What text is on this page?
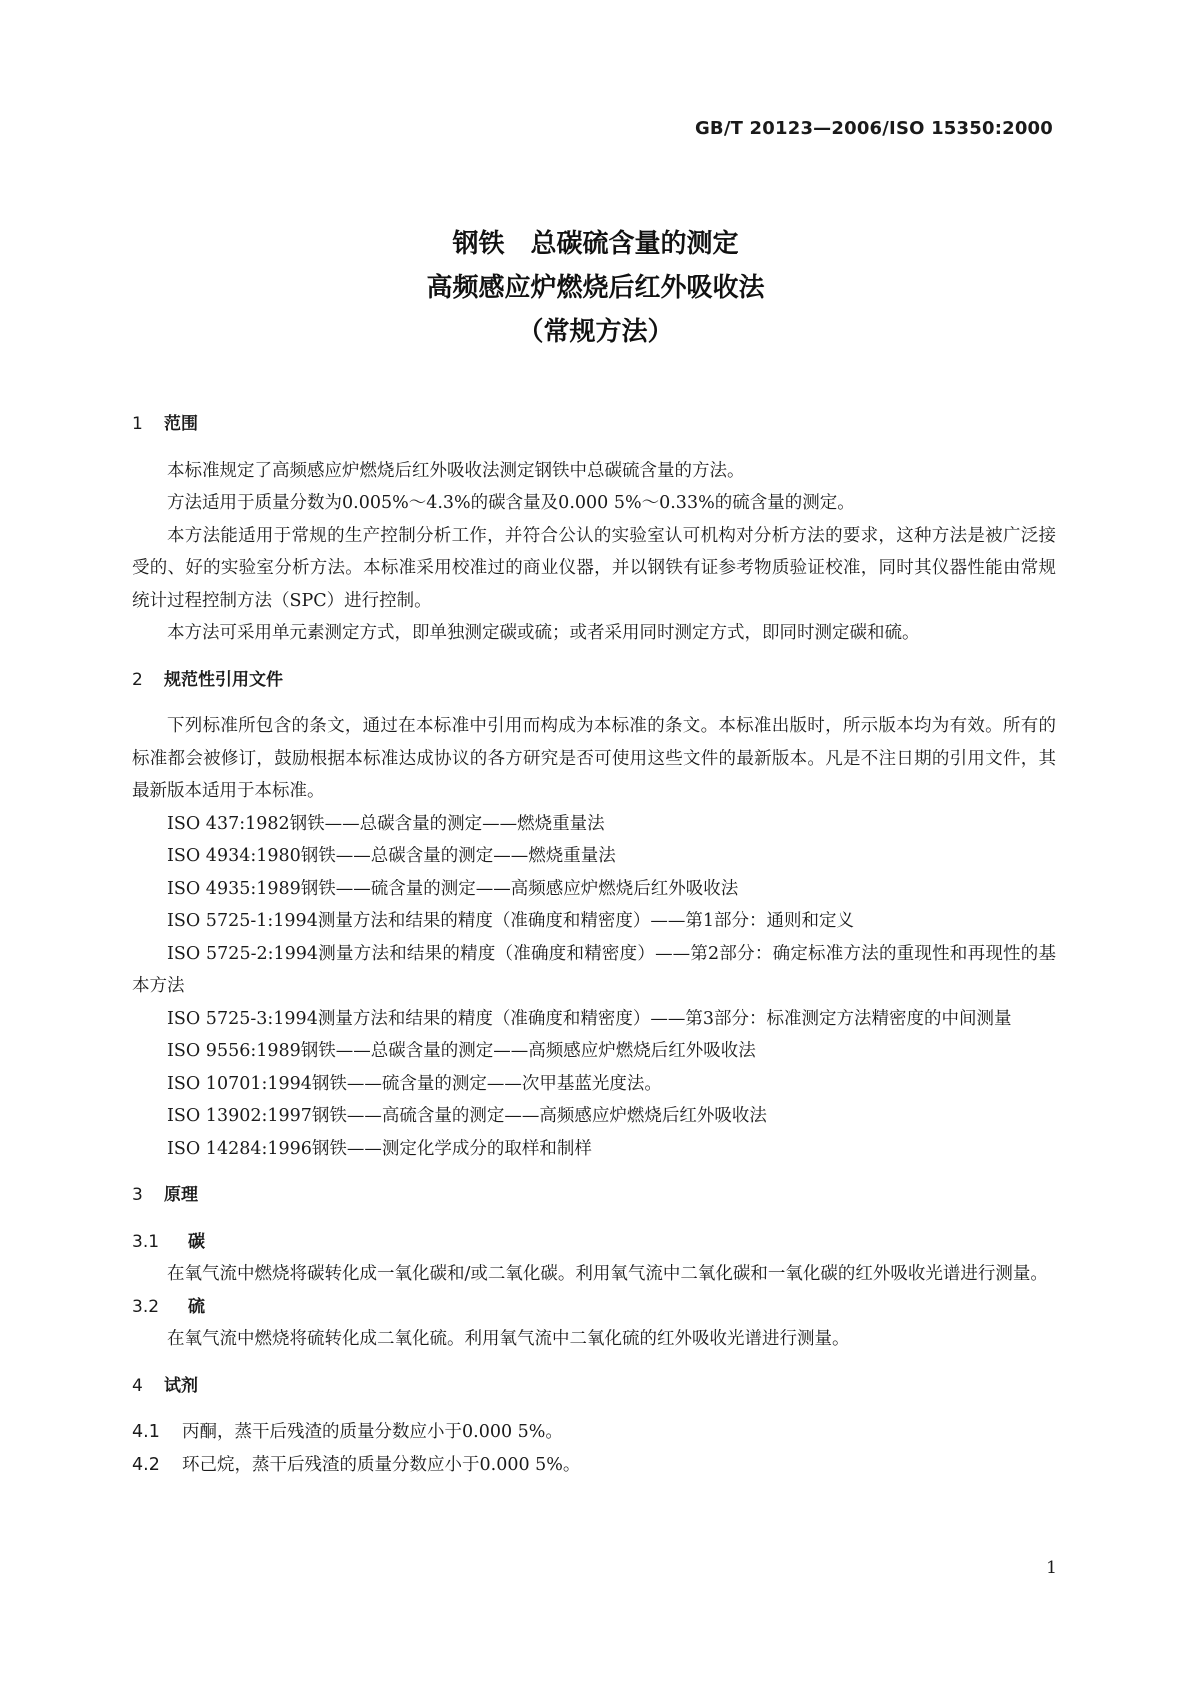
GB/T 20123—2006/ISO 15350:2000
钢铁　总碳硫含量的测定
高频感应炉燃烧后红外吸收法
（常规方法）
1 范围

本标准规定了高频感应炉燃烧后红外吸收法测定钢铁中总碳硫含量的方法。

方法适用于质量分数为0.005%～4.3%的碳含量及0.000 5%～0.33%的硫含量的测定。

本方法能适用于常规的生产控制分析工作，并符合公认的实验室认可机构对分析方法的要求，这种方法是被广泛接受的、好的实验室分析方法。本标准采用校准过的商业仪器，并以钢铁有证参考物质验证校准，同时其仪器性能由常规统计过程控制方法（SPC）进行控制。

本方法可采用单元素测定方式，即单独测定碳或硫；或者采用同时测定方式，即同时测定碳和硫。

2 规范性引用文件

下列标准所包含的条文，通过在本标准中引用而构成为本标准的条文。本标准出版时，所示版本均为有效。所有的标准都会被修订，鼓励根据本标准达成协议的各方研究是否可使用这些文件的最新版本。凡是不注日期的引用文件，其最新版本适用于本标准。

ISO 437:1982钢铁——总碳含量的测定——燃烧重量法

ISO 4934:1980钢铁——总碳含量的测定——燃烧重量法

ISO 4935:1989钢铁——硫含量的测定——高频感应炉燃烧后红外吸收法

ISO 5725-1:1994测量方法和结果的精度（准确度和精密度）——第1部分：通则和定义

ISO 5725-2:1994测量方法和结果的精度（准确度和精密度）——第2部分：确定标准方法的重现性和再现性的基本方法

ISO 5725-3:1994测量方法和结果的精度（准确度和精密度）——第3部分：标准测定方法精密度的中间测量

ISO 9556:1989钢铁——总碳含量的测定——高频感应炉燃烧后红外吸收法

ISO 10701:1994钢铁——硫含量的测定——次甲基蓝光度法。

ISO 13902:1997钢铁——高硫含量的测定——高频感应炉燃烧后红外吸收法

ISO 14284:1996钢铁——测定化学成分的取样和制样

3 原理
3.1 碳

在氧气流中燃烧将碳转化成一氧化碳和/或二氧化碳。利用氧气流中二氧化碳和一氧化碳的红外吸收光谱进行测量。

3.2 硫

在氧气流中燃烧将硫转化成二氧化硫。利用氧气流中二氧化硫的红外吸收光谱进行测量。

4 试剂

4.1 丙酮，蒸干后残渣的质量分数应小于0.000 5%。

4.2 环己烷，蒸干后残渣的质量分数应小于0.000 5%。

1
